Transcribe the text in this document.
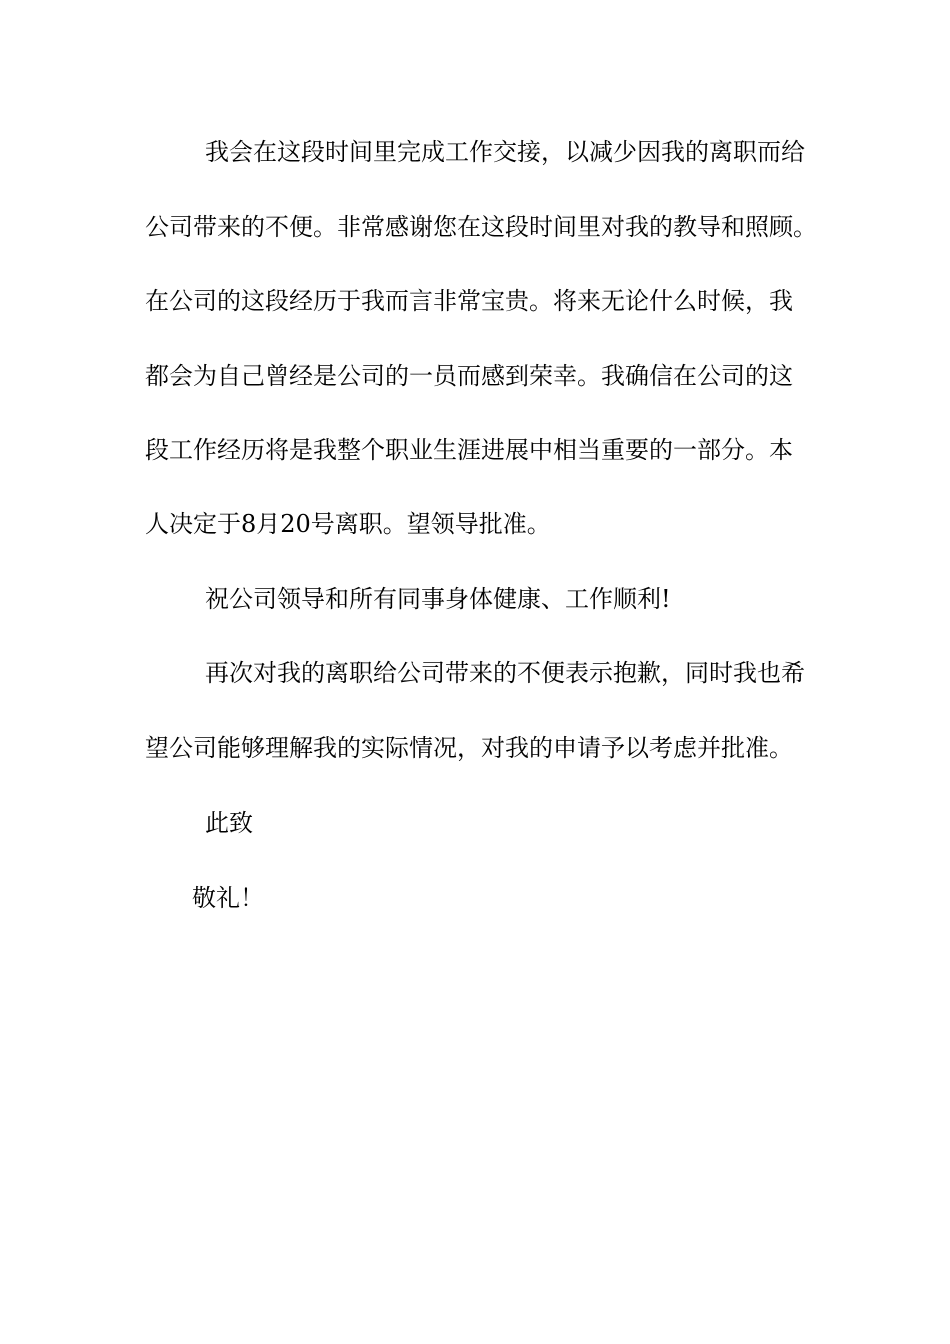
我会在这段时间里完成工作交接，以减少因我的离职而给
公司带来的不便。非常感谢您在这段时间里对我的教导和照顾。
在公司的这段经历于我而言非常宝贵。将来无论什么时候，我
都会为自己曾经是公司的一员而感到荣幸。我确信在公司的这
段工作经历将是我整个职业生涯进展中相当重要的一部分。本
人决定于8月20号离职。望领导批准。
祝公司领导和所有同事身体健康、工作顺利!
再次对我的离职给公司带来的不便表示抱歉，同时我也希
望公司能够理解我的实际情况，对我的申请予以考虑并批准。
此致
敬礼！
